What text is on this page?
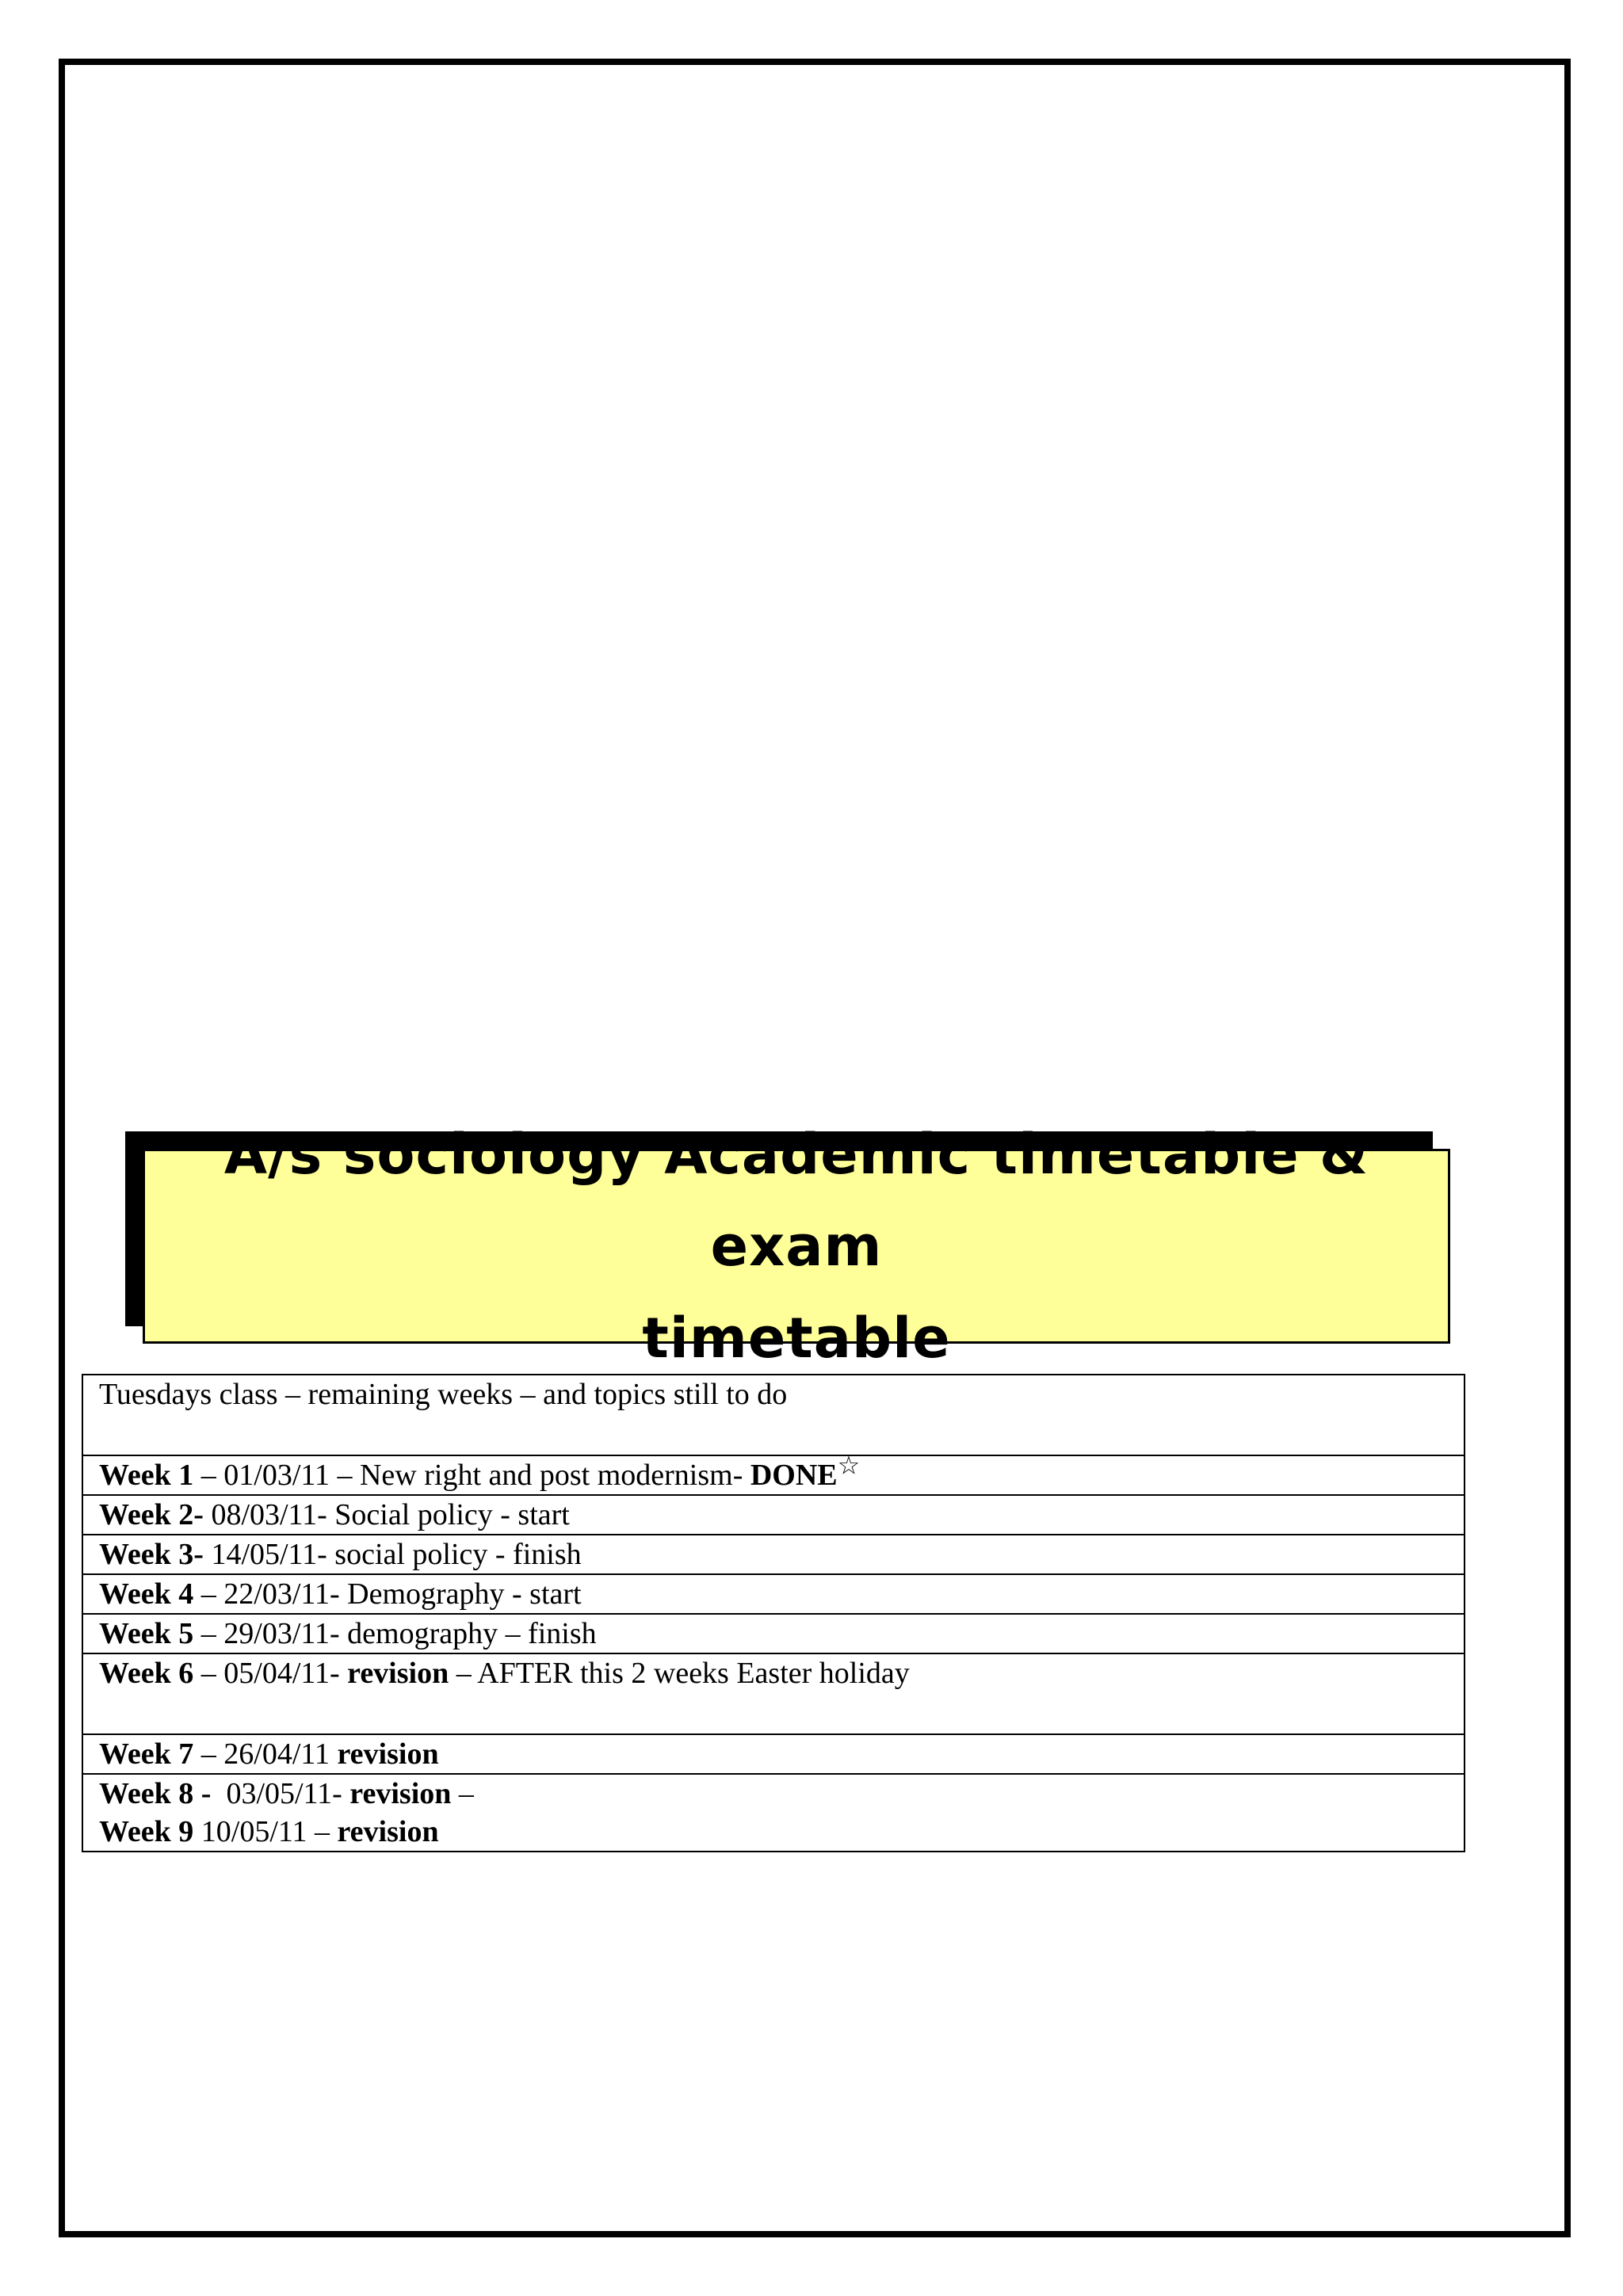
A/s sociology Academic timetable & exam
timetable
Tuesdays class – remaining weeks – and topics still to do
Week 1 – 01/03/11 – New right and post modernism- DONE☆
Week 2- 08/03/11- Social policy - start
Week 3- 14/05/11- social policy - finish
Week 4 – 22/03/11- Demography - start
Week 5 – 29/03/11- demography – finish
Week 6 – 05/04/11- revision – AFTER this 2 weeks Easter holiday
Week 7 – 26/04/11 revision
Week 8 -  03/05/11- revision –
Week 9 10/05/11 – revision
